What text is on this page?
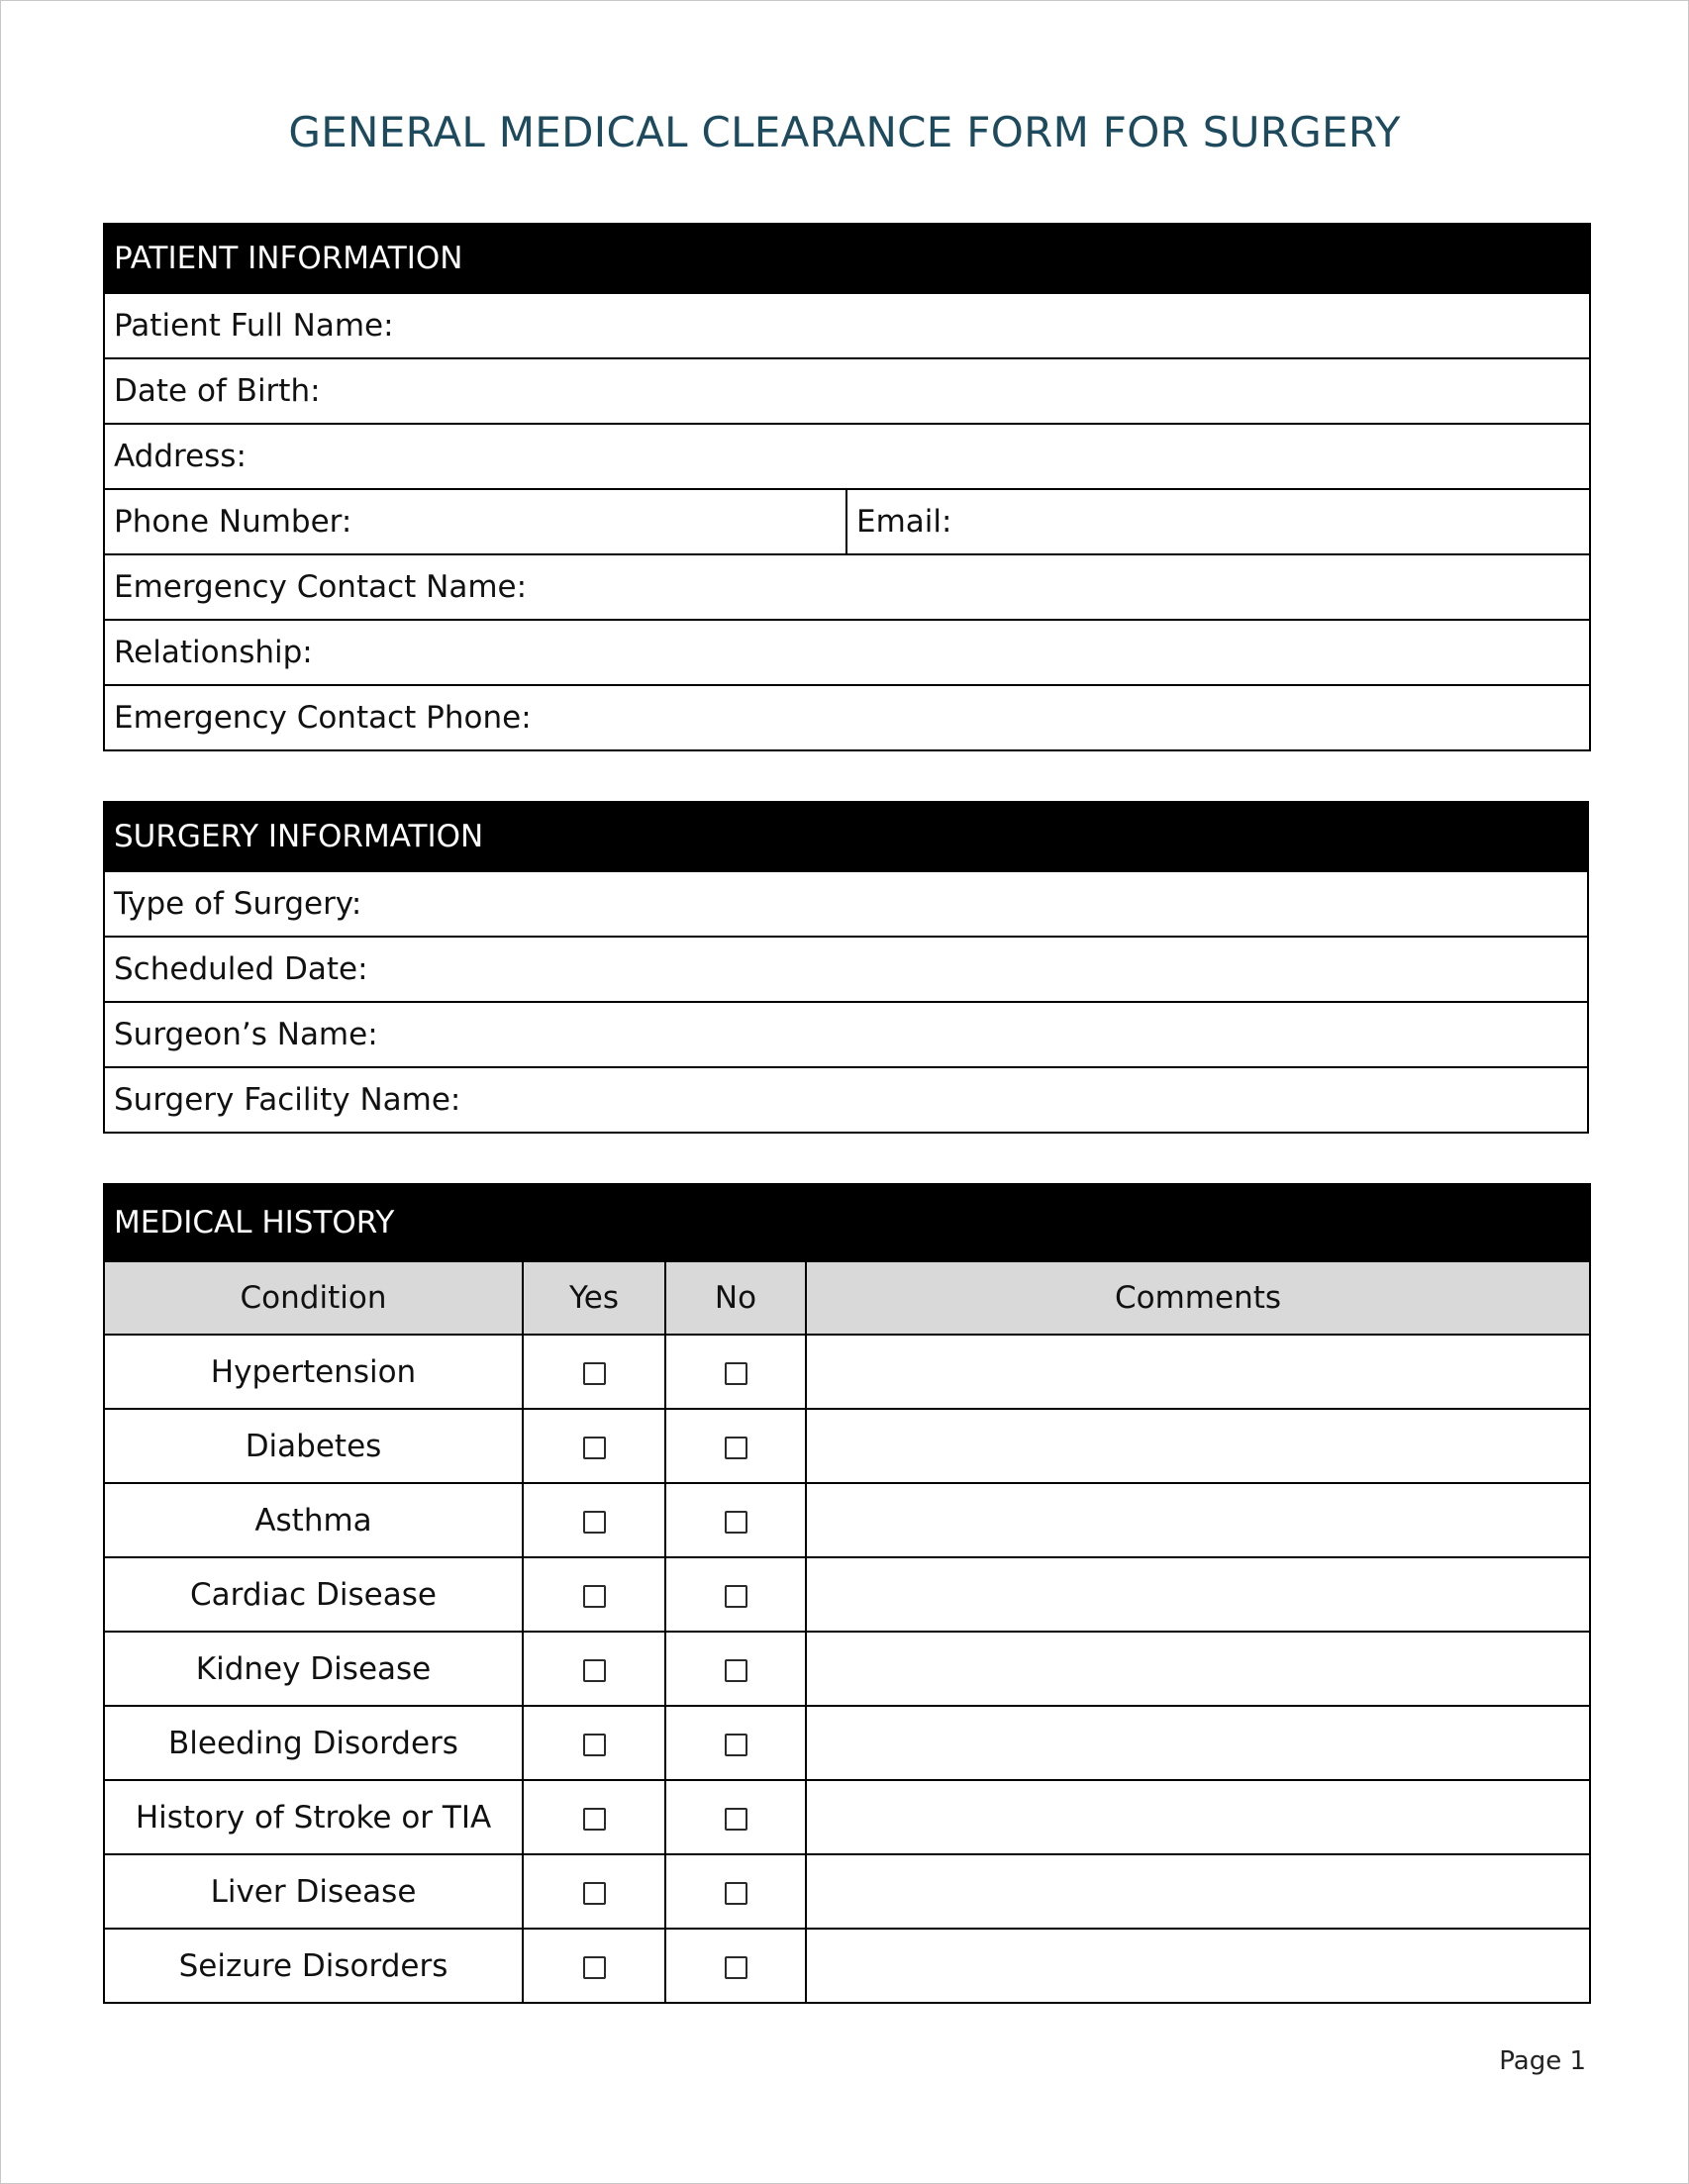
GENERAL MEDICAL CLEARANCE FORM FOR SURGERY
PATIENT INFORMATION
Patient Full Name:
Date of Birth:
Address:
Phone Number:	Email:
Emergency Contact Name:
Relationship:
Emergency Contact Phone:
SURGERY INFORMATION
Type of Surgery:
Scheduled Date:
Surgeon’s Name:
Surgery Facility Name:
MEDICAL HISTORY			
Condition	Yes	No	Comments
Hypertension			
Diabetes			
Asthma			
Cardiac Disease			
Kidney Disease			
Bleeding Disorders			
History of Stroke or TIA			
Liver Disease			
Seizure Disorders			
Page 1
